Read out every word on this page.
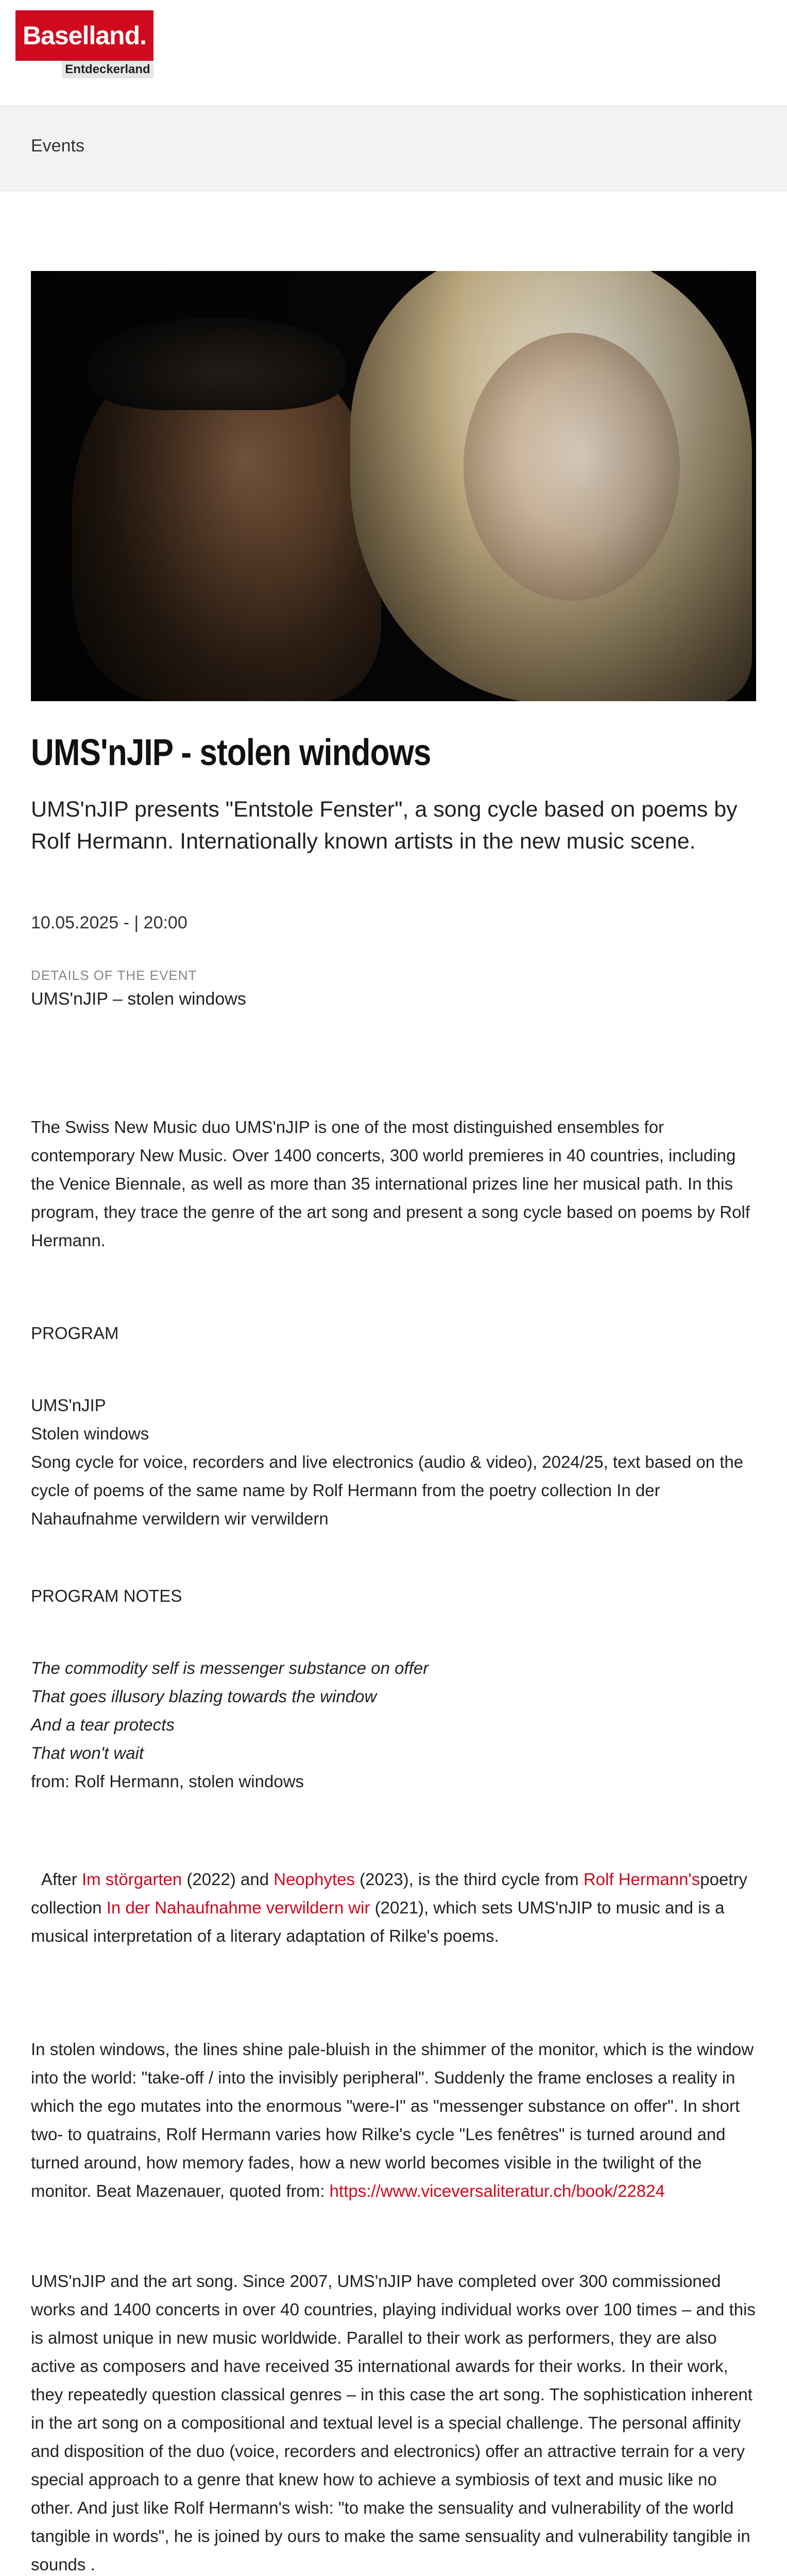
Baselland.
Entdeckerland
Events
UMS'nJIP - stolen windows
UMS'nJIP presents "Entstole Fenster", a song cycle based on poems by Rolf Hermann. Internationally known artists in the new music scene.
10.05.2025 - | 20:00
DETAILS OF THE EVENT
UMS'nJIP – stolen windows
The Swiss New Music duo UMS'nJIP is one of the most distinguished ensembles for contemporary New Music. Over 1400 concerts, 300 world premieres in 40 countries, including the Venice Biennale, as well as more than 35 international prizes line her musical path. In this program, they trace the genre of the art song and present a song cycle based on poems by Rolf Hermann.
PROGRAM
UMS'nJIP
Stolen windows
Song cycle for voice, recorders and live electronics (audio & video), 2024/25, text based on the cycle of poems of the same name by Rolf Hermann from the poetry collection In der Nahaufnahme verwildern wir verwildern
PROGRAM NOTES
The commodity self is messenger substance on offer
That goes illusory blazing towards the window
And a tear protects
That won't wait
from: Rolf Hermann, stolen windows
After Im störgarten (2022) and Neophytes (2023), is the third cycle from Rolf Hermann'spoetry collection In der Nahaufnahme verwildern wir (2021), which sets UMS'nJIP to music and is a musical interpretation of a literary adaptation of Rilke's poems.
In stolen windows, the lines shine pale-bluish in the shimmer of the monitor, which is the window into the world: "take-off / into the invisibly peripheral". Suddenly the frame encloses a reality in which the ego mutates into the enormous "were-I" as "messenger substance on offer". In short two- to quatrains, Rolf Hermann varies how Rilke's cycle "Les fenêtres" is turned around and turned around, how memory fades, how a new world becomes visible in the twilight of the monitor. Beat Mazenauer, quoted from: https://www.viceversaliteratur.ch/book/22824
UMS'nJIP and the art song. Since 2007, UMS'nJIP have completed over 300 commissioned works and 1400 concerts in over 40 countries, playing individual works over 100 times – and this is almost unique in new music worldwide. Parallel to their work as performers, they are also active as composers and have received 35 international awards for their works. In their work, they repeatedly question classical genres – in this case the art song. The sophistication inherent in the art song on a compositional and textual level is a special challenge. The personal affinity and disposition of the duo (voice, recorders and electronics) offer an attractive terrain for a very special approach to a genre that knew how to achieve a symbiosis of text and music like no other. And just like Rolf Hermann's wish: "to make the sensuality and vulnerability of the world tangible in words", he is joined by ours to make the same sensuality and vulnerability tangible in sounds .
